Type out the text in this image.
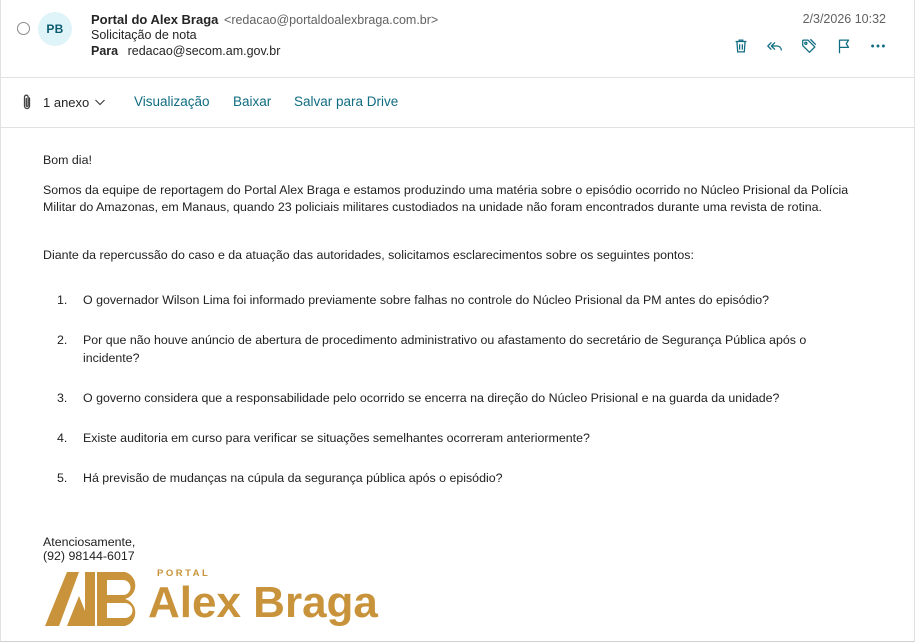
PB
Portal do Alex Braga <redacao@portaldoalexbraga.com.br>
Solicitação de nota
Para redacao@secom.am.gov.br
2/3/2026 10:32
1 anexo	Visualização Baixar Salvar para Drive
Bom dia!
Somos da equipe de reportagem do Portal Alex Braga e estamos produzindo uma matéria sobre o episódio ocorrido no Núcleo Prisional da Polícia Militar do Amazonas, em Manaus, quando 23 policiais militares custodiados na unidade não foram encontrados durante uma revista de rotina.
Diante da repercussão do caso e da atuação das autoridades, solicitamos esclarecimentos sobre os seguintes pontos:
1. O governador Wilson Lima foi informado previamente sobre falhas no controle do Núcleo Prisional da PM antes do episódio?
2. Por que não houve anúncio de abertura de procedimento administrativo ou afastamento do secretário de Segurança Pública após o incidente?
3. O governo considera que a responsabilidade pelo ocorrido se encerra na direção do Núcleo Prisional e na guarda da unidade?
4. Existe auditoria em curso para verificar se situações semelhantes ocorreram anteriormente?
5. Há previsão de mudanças na cúpula da segurança pública após o episódio?
Atenciosamente,
(92) 98144-6017
PORTAL
Alex Braga
